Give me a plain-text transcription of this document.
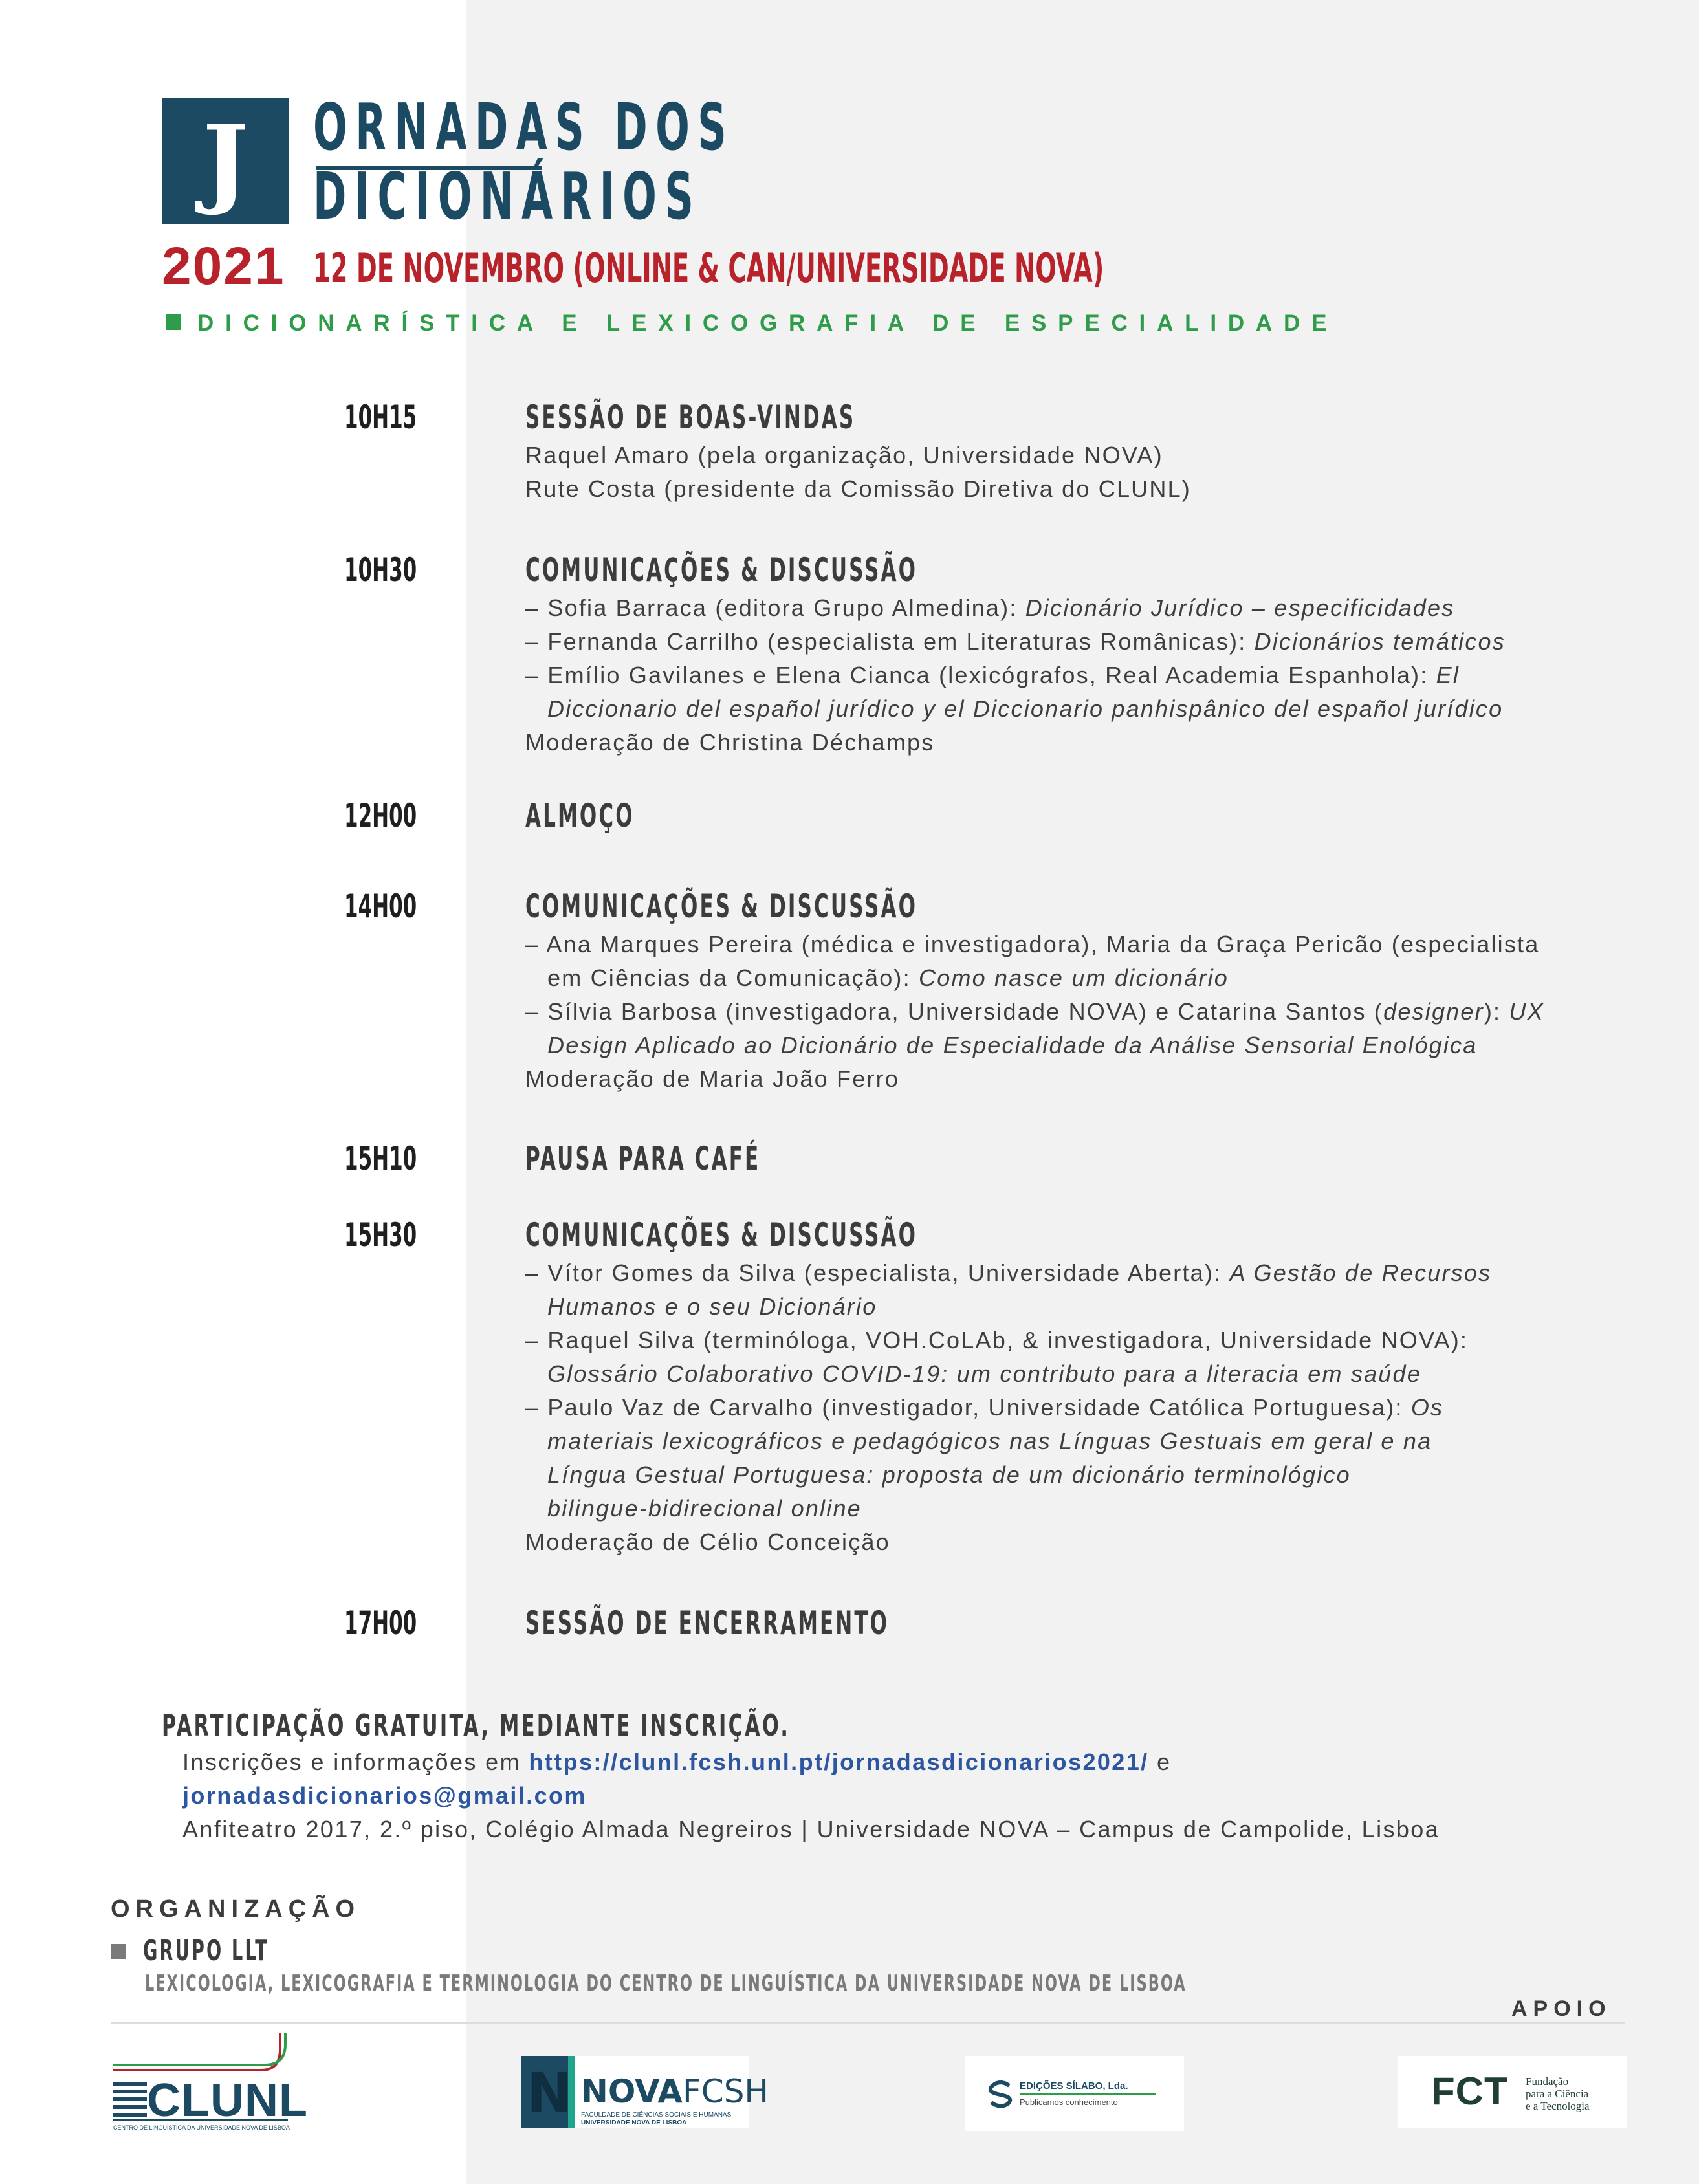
J ORNADAS DOS
DICIONÁRIOS
2021 12 DE NOVEMBRO (ONLINE & CAN/UNIVERSIDADE NOVA)
DICIONARÍSTICA E LEXICOGRAFIA DE ESPECIALIDADE
10H15	SESSÃO DE BOAS-VINDAS
Raquel Amaro (pela organização, Universidade NOVA)
Rute Costa (presidente da Comissão Diretiva do CLUNL)
10H30	COMUNICAÇÕES & DISCUSSÃO
– Sofia Barraca (editora Grupo Almedina): Dicionário Jurídico – especificidades
– Fernanda Carrilho (especialista em Literaturas Românicas): Dicionários temáticos
– Emílio Gavilanes e Elena Cianca (lexicógrafos, Real Academia Espanhola): El
Diccionario del español jurídico y el Diccionario panhispânico del español jurídico
Moderação de Christina Déchamps
12H00	ALMOÇO
14H00	COMUNICAÇÕES & DISCUSSÃO
– Ana Marques Pereira (médica e investigadora), Maria da Graça Pericão (especialista
em Ciências da Comunicação): Como nasce um dicionário
– Sílvia Barbosa (investigadora, Universidade NOVA) e Catarina Santos (designer): UX
Design Aplicado ao Dicionário de Especialidade da Análise Sensorial Enológica
Moderação de Maria João Ferro
15H10	PAUSA PARA CAFÉ
15H30	COMUNICAÇÕES & DISCUSSÃO
– Vítor Gomes da Silva (especialista, Universidade Aberta): A Gestão de Recursos
Humanos e o seu Dicionário
– Raquel Silva (terminóloga, VOH.CoLAb, & investigadora, Universidade NOVA):
Glossário Colaborativo COVID-19: um contributo para a literacia em saúde
– Paulo Vaz de Carvalho (investigador, Universidade Católica Portuguesa): Os
materiais lexicográficos e pedagógicos nas Línguas Gestuais em geral e na
Língua Gestual Portuguesa: proposta de um dicionário terminológico
bilingue-bidirecional online
Moderação de Célio Conceição
17H00	SESSÃO DE ENCERRAMENTO
PARTICIPAÇÃO GRATUITA, MEDIANTE INSCRIÇÃO.
Inscrições e informações em https://clunl.fcsh.unl.pt/jornadasdicionarios2021/ e
jornadasdicionarios@gmail.com
Anfiteatro 2017, 2.º piso, Colégio Almada Negreiros | Universidade NOVA – Campus de Campolide, Lisboa
ORGANIZAÇÃO
GRUPO LLT
LEXICOLOGIA, LEXICOGRAFIA E TERMINOLOGIA DO CENTRO DE LINGUÍSTICA DA UNIVERSIDADE NOVA DE LISBOA
APOIO
CLUNL
CENTRO DE LINGUÍSTICA DA UNIVERSIDADE NOVA DE LISBOA
N NOVAFCSH
FACULDADE DE CIÊNCIAS SOCIAIS E HUMANAS
UNIVERSIDADE NOVA DE LISBOA
EDIÇÕES SÍLABO, Lda.
Publicamos conhecimento	FCT Fundação
para a Ciência
e a Tecnologia
